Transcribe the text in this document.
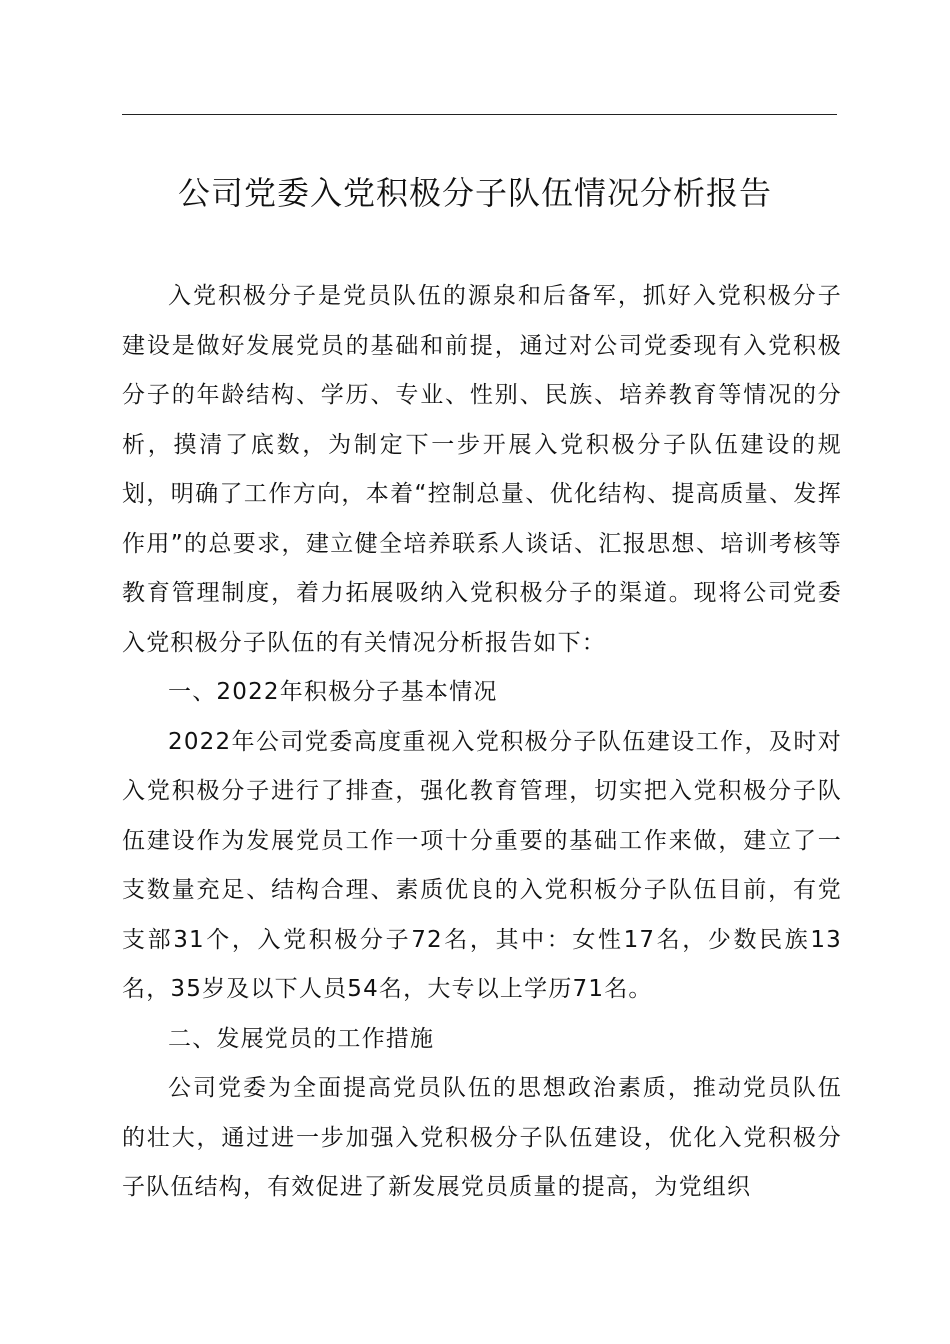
公司党委入党积极分子队伍情况分析报告

入党积极分子是党员队伍的源泉和后备军，抓好入党积极分子建设是做好发展党员的基础和前提，通过对公司党委现有入党积极分子的年龄结构、学历、专业、性别、民族、培养教育等情况的分析，摸清了底数，为制定下一步开展入党积极分子队伍建设的规划，明确了工作方向，本着“控制总量、优化结构、提高质量、发挥作用”的总要求，建立健全培养联系人谈话、汇报思想、培训考核等教育管理制度，着力拓展吸纳入党积极分子的渠道。现将公司党委入党积极分子队伍的有关情况分析报告如下：

一、2022年积极分子基本情况

2022年公司党委高度重视入党积极分子队伍建设工作，及时对入党积极分子进行了排查，强化教育管理，切实把入党积极分子队伍建设作为发展党员工作一项十分重要的基础工作来做，建立了一支数量充足、结构合理、素质优良的入党积板分子队伍目前，有党支部31个，入党积极分子72名，其中：女性17名，少数民族13名，35岁及以下人员54名，大专以上学历71名。

二、发展党员的工作措施

公司党委为全面提高党员队伍的思想政治素质，推动党员队伍的壮大，通过进一步加强入党积极分子队伍建设，优化入党积极分子队伍结构，有效促进了新发展党员质量的提高，为党组织
